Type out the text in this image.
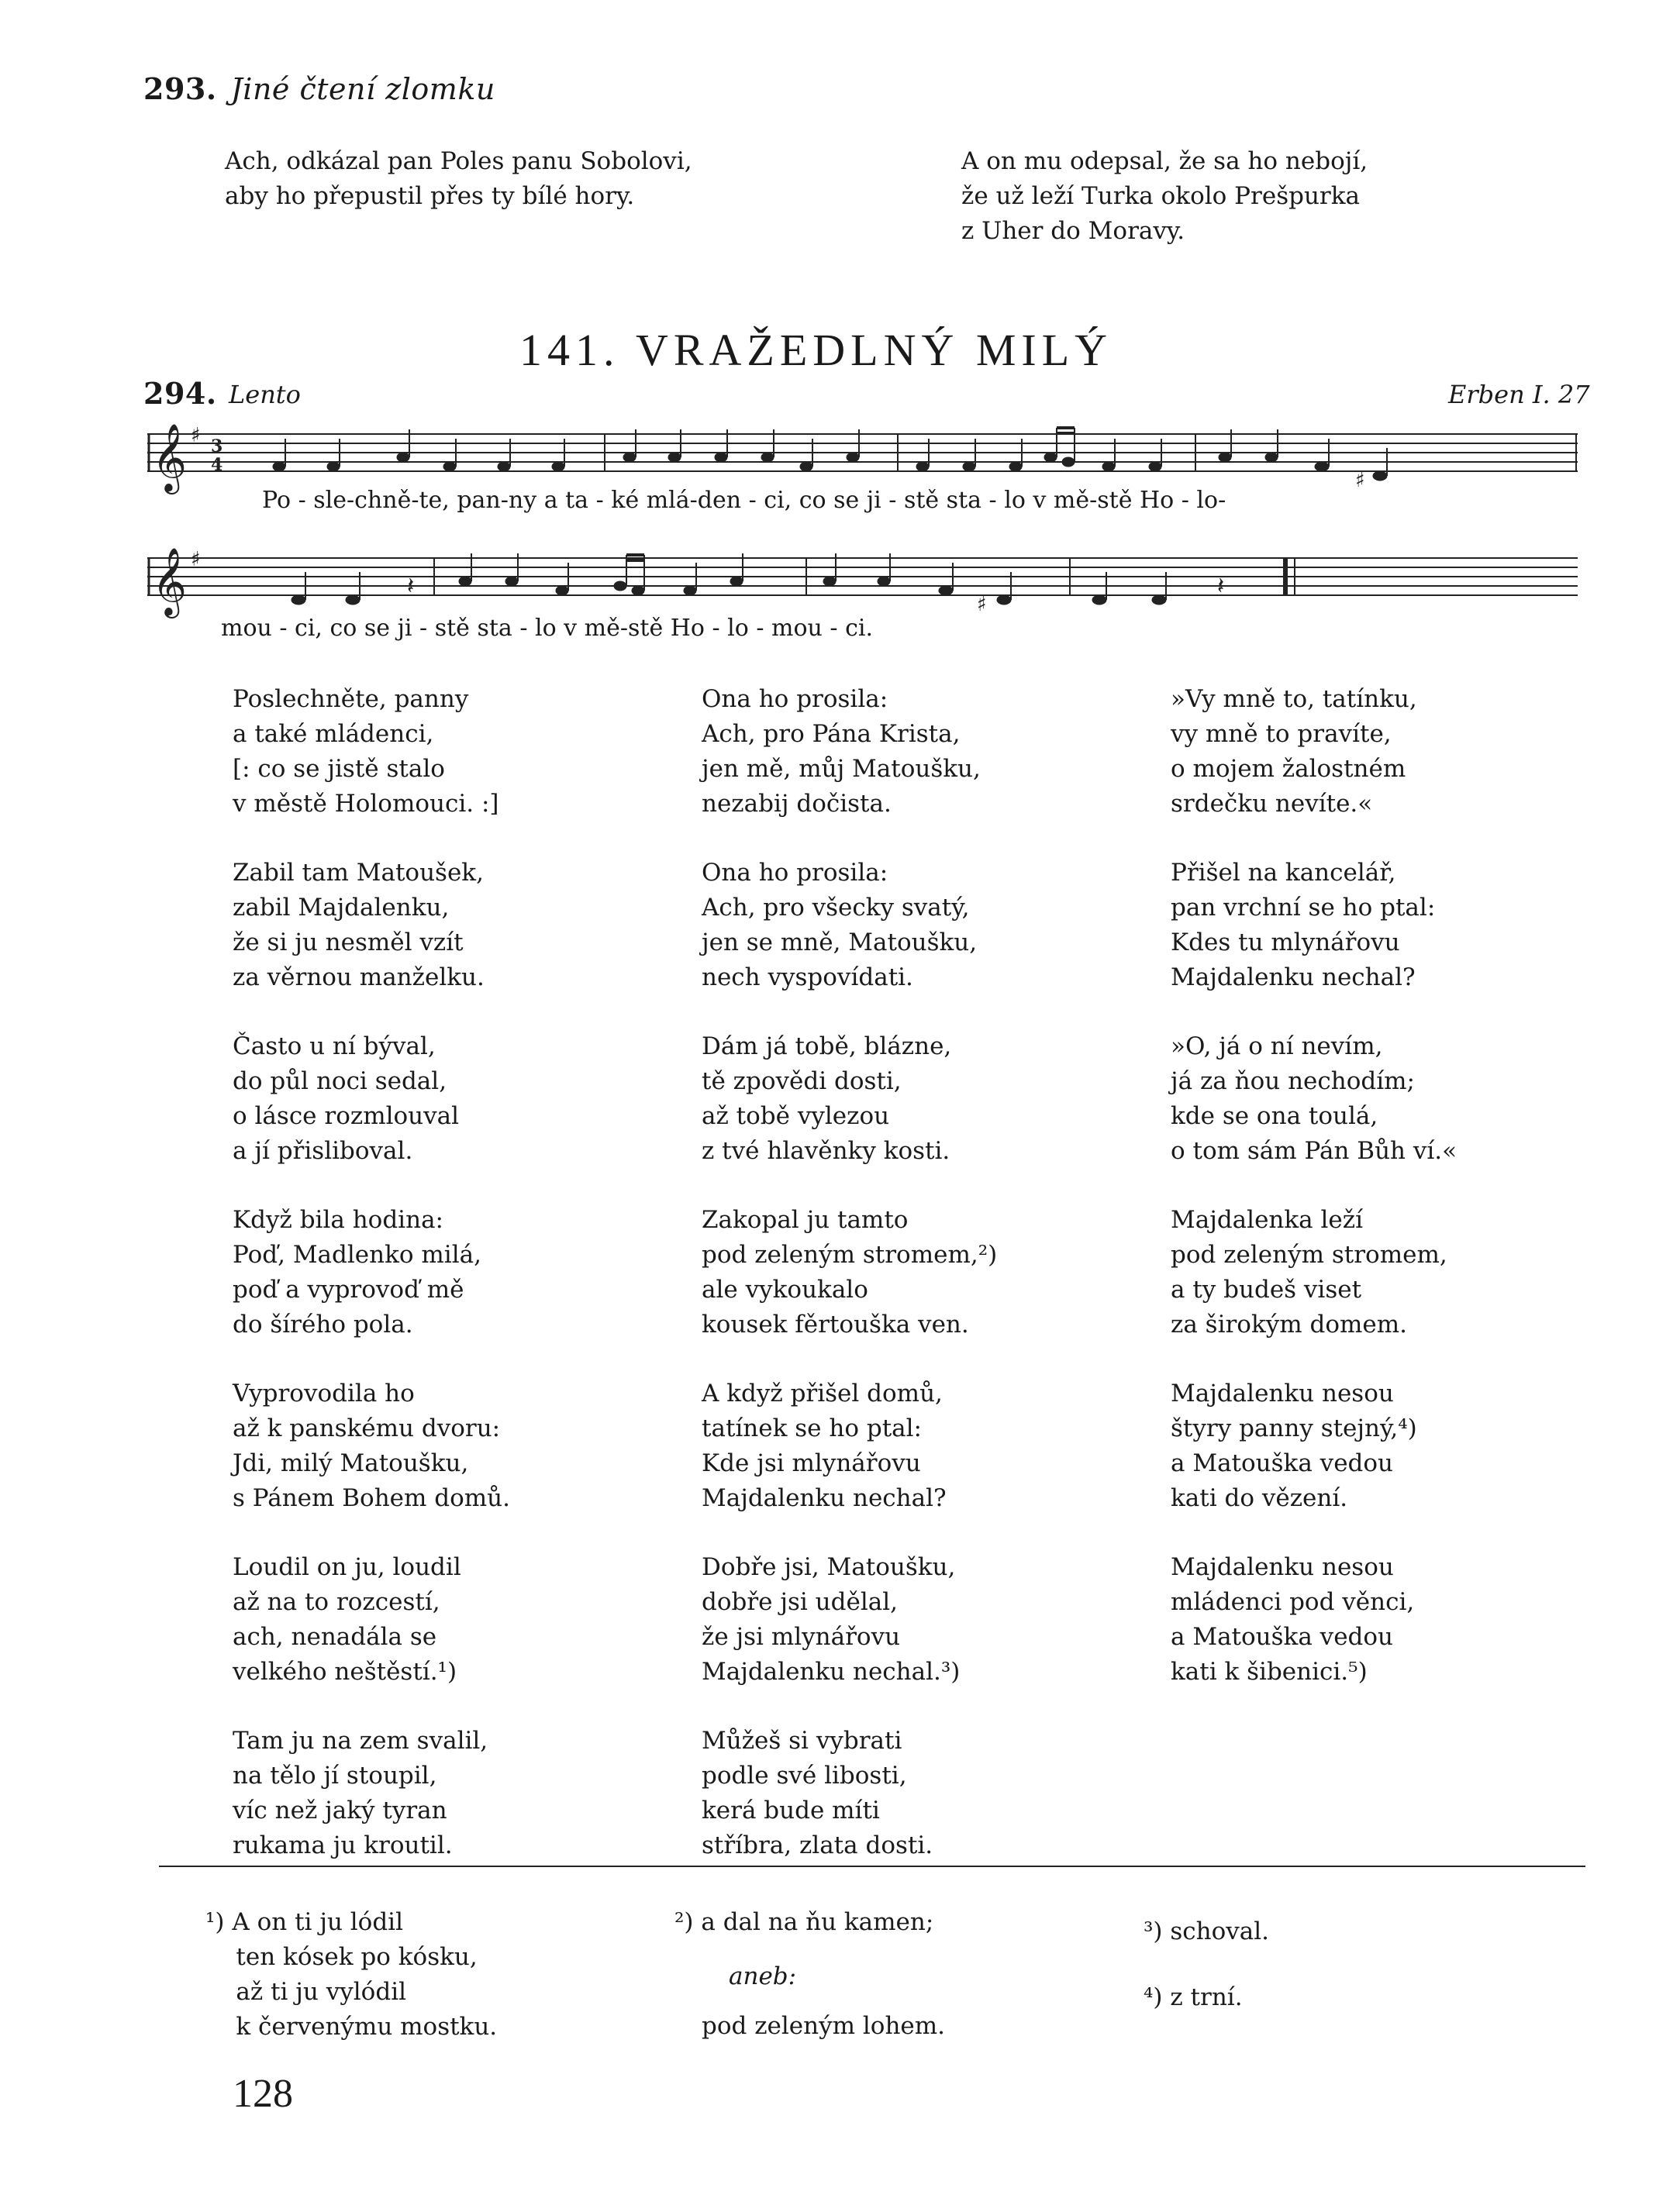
293. Jiné čtení zlomku
Ach, odkázal pan Poles panu Sobolovi,
aby ho přepustil přes ty bílé hory.
A on mu odepsal, že sa ho nebojí,
že už leží Turka okolo Prešpurka
z Uher do Moravy.
141. VRAŽEDLNÝ MILÝ
294. Lento	Erben I. 27
𝄞 ♯ 3
4
♯
Po - sle-chně-te, pan-ny a ta - ké mlá-den - ci, co se ji - stě sta - lo v mě-stě Ho - lo-
𝄞 ♯
𝄽
♯
𝄽
mou - ci, co se ji - stě sta - lo v mě-stě Ho - lo - mou - ci.
Poslechněte, panny
a také mládenci,
[: co se jistě stalo
v městě Holomouci. :]
Zabil tam Matoušek,
zabil Majdalenku,
že si ju nesměl vzít
za věrnou manželku.
Často u ní býval,
do půl noci sedal,
o lásce rozmlouval
a jí přisliboval.
Když bila hodina:
Poď, Madlenko milá,
poď a vyprovoď mě
do šírého pola.
Vyprovodila ho
až k panskému dvoru:
Jdi, milý Matoušku,
s Pánem Bohem domů.
Loudil on ju, loudil
až na to rozcestí,
ach, nenadála se
velkého neštěstí.¹)
Tam ju na zem svalil,
na tělo jí stoupil,
víc než jaký tyran
rukama ju kroutil.
Ona ho prosila:
Ach, pro Pána Krista,
jen mě, můj Matoušku,
nezabij dočista.
Ona ho prosila:
Ach, pro všecky svatý,
jen se mně, Matoušku,
nech vyspovídati.
Dám já tobě, blázne,
tě zpovědi dosti,
až tobě vylezou
z tvé hlavěnky kosti.
Zakopal ju tamto
pod zeleným stromem,²)
ale vykoukalo
kousek fěrtouška ven.
A když přišel domů,
tatínek se ho ptal:
Kde jsi mlynářovu
Majdalenku nechal?
Dobře jsi, Matoušku,
dobře jsi udělal,
že jsi mlynářovu
Majdalenku nechal.³)
Můžeš si vybrati
podle své libosti,
kerá bude míti
stříbra, zlata dosti.
»Vy mně to, tatínku,
vy mně to pravíte,
o mojem žalostném
srdečku nevíte.«
Přišel na kancelář,
pan vrchní se ho ptal:
Kdes tu mlynářovu
Majdalenku nechal?
»O, já o ní nevím,
já za ňou nechodím;
kde se ona toulá,
o tom sám Pán Bůh ví.«
Majdalenka leží
pod zeleným stromem,
a ty budeš viset
za širokým domem.
Majdalenku nesou
štyry panny stejný,⁴)
a Matouška vedou
kati do vězení.
Majdalenku nesou
mládenci pod věnci,
a Matouška vedou
kati k šibenici.⁵)
¹) A on ti ju lódil
ten kósek po kósku,
až ti ju vylódil
k červenýmu mostku.
²) a dal na ňu kamen;
aneb:
pod zeleným lohem.
³) schoval.
⁴) z trní.
128
